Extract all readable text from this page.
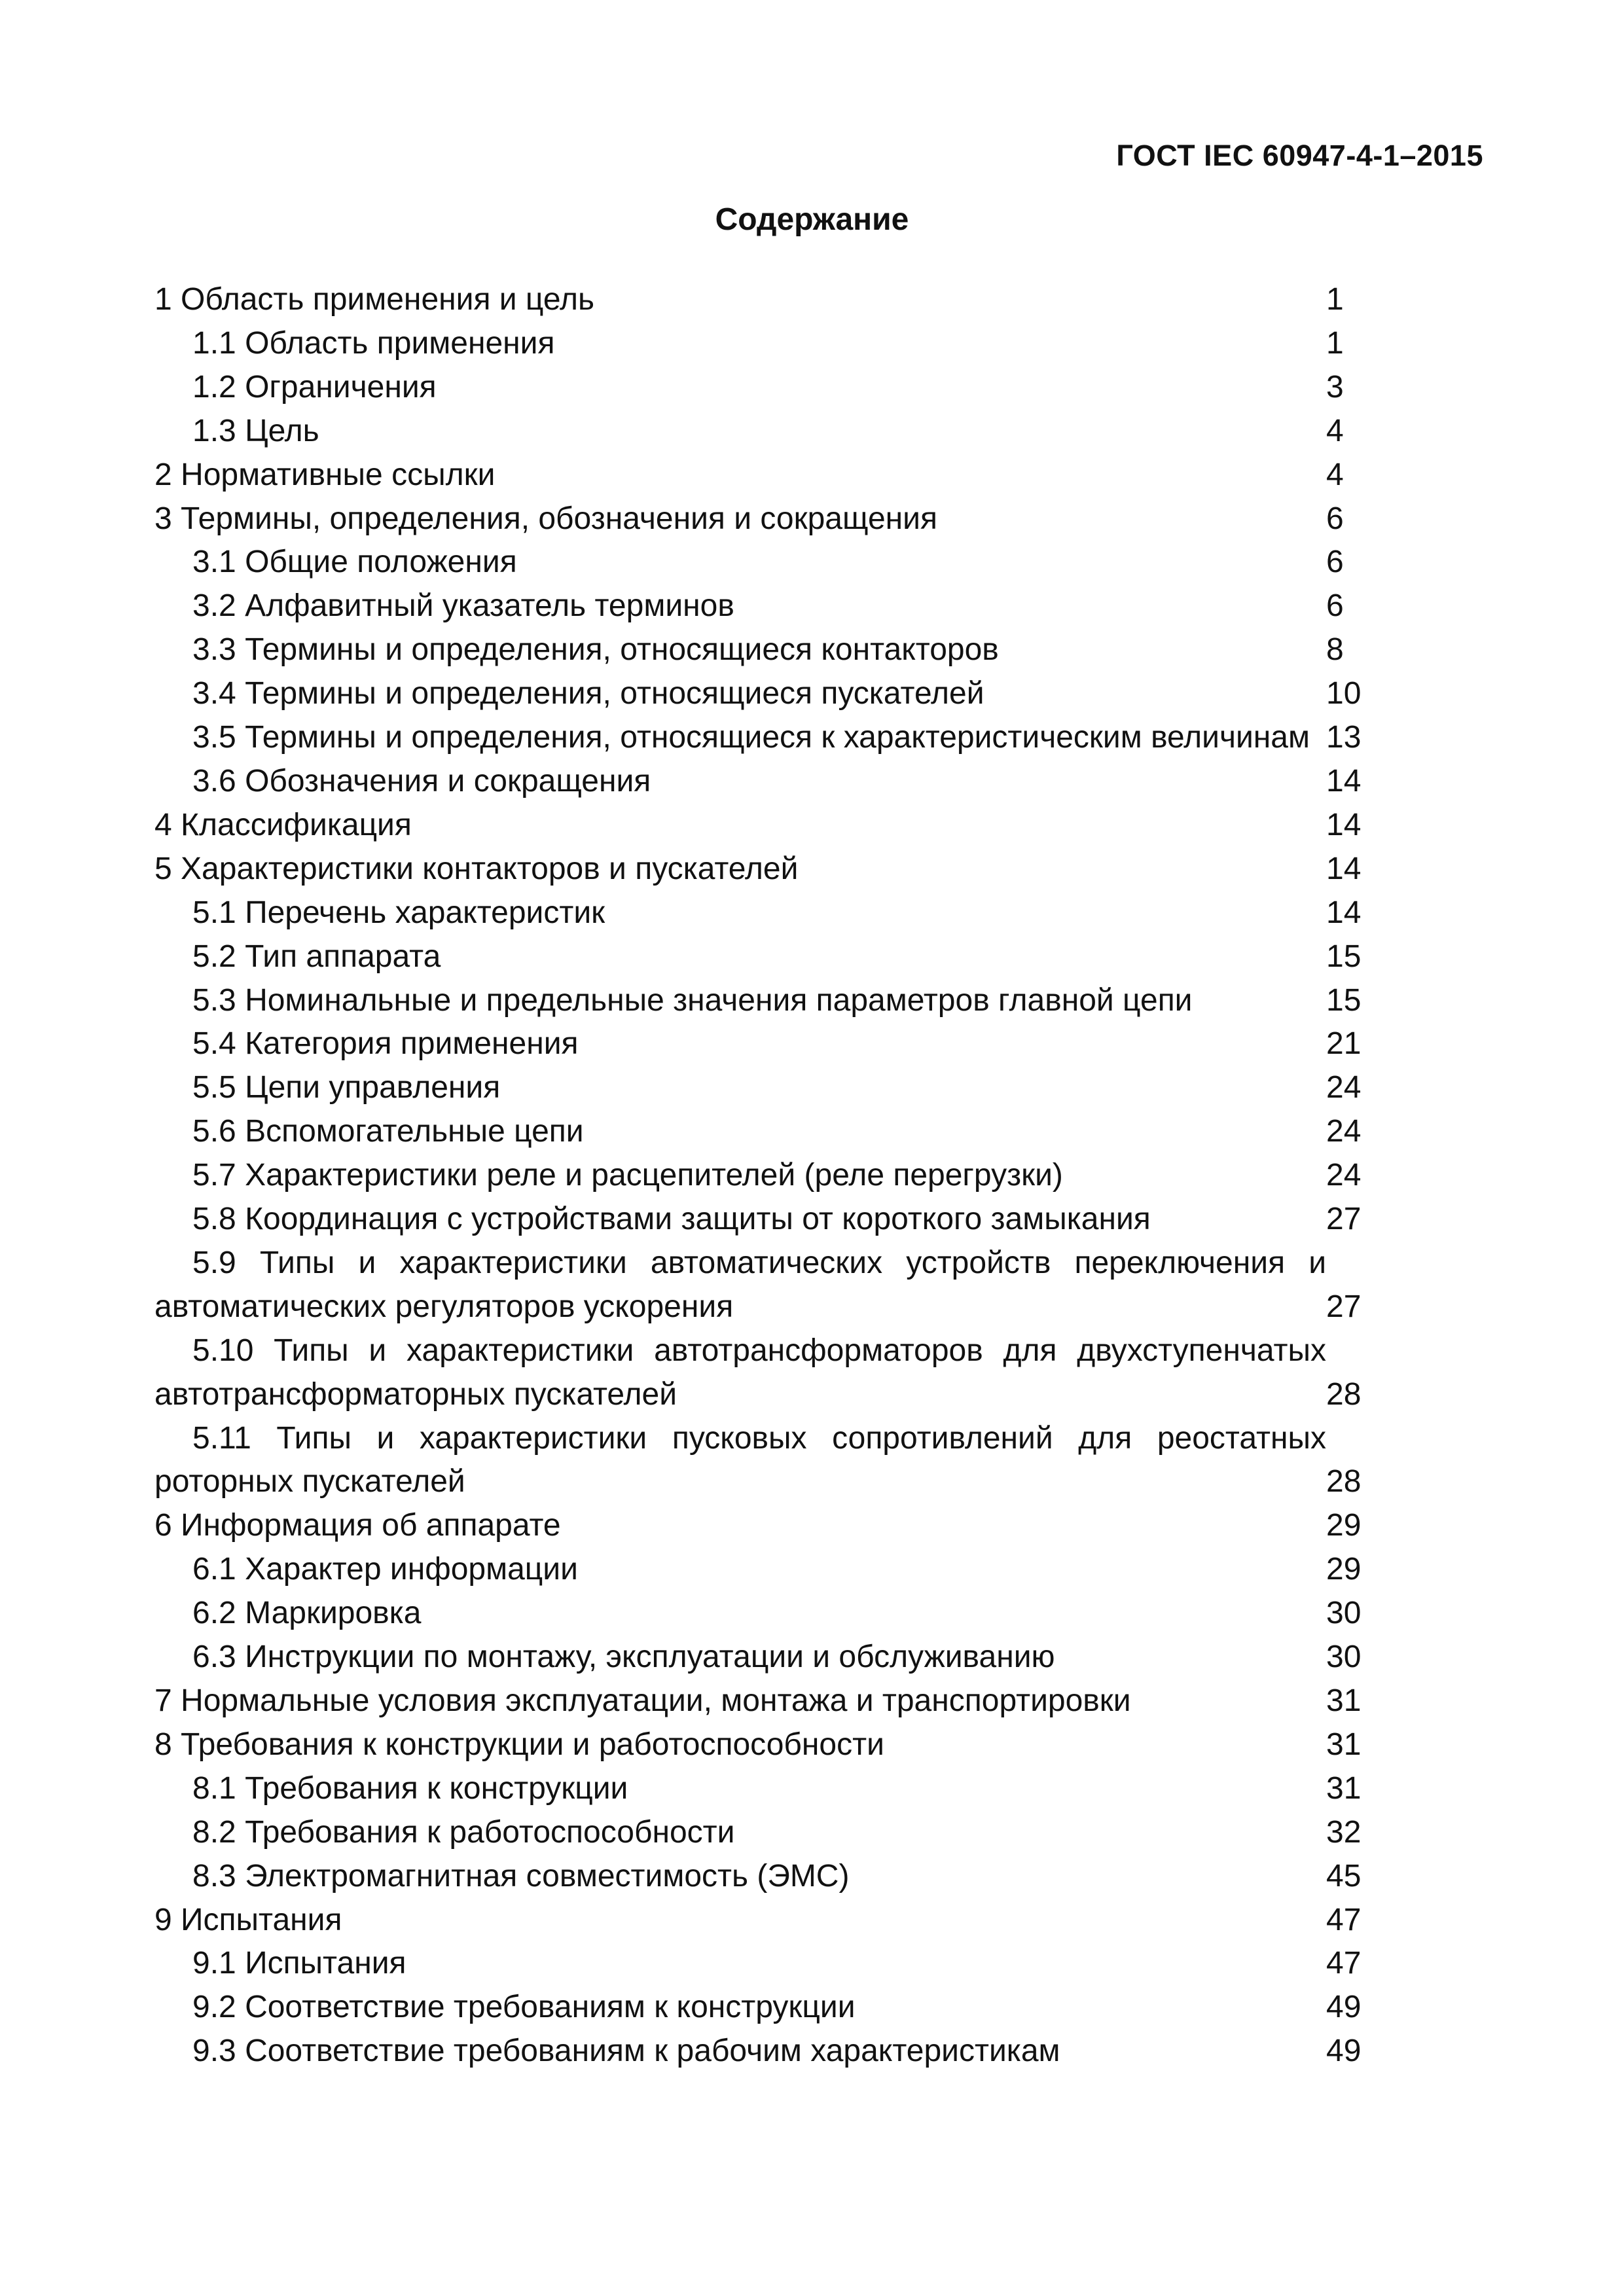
ГОСТ IEC 60947-4-1–2015
Содержание
1 Область применения и цель	1
1.1 Область применения	1
1.2 Ограничения	3
1.3 Цель	4
2 Нормативные ссылки	4
3 Термины, определения, обозначения и сокращения	6
3.1 Общие положения	6
3.2 Алфавитный указатель терминов	6
3.3 Термины и определения, относящиеся контакторов	8
3.4 Термины и определения, относящиеся пускателей	10
3.5 Термины и определения, относящиеся к характеристическим величинам 13
3.6 Обозначения и сокращения	14
4 Классификация	14
5 Характеристики контакторов и пускателей	14
5.1 Перечень характеристик	14
5.2 Тип аппарата	15
5.3 Номинальные и предельные значения параметров главной цепи	15
5.4 Категория применения	21
5.5 Цепи управления	24
5.6 Вспомогательные цепи	24
5.7 Характеристики реле и расцепителей (реле перегрузки)	24
5.8 Координация с устройствами защиты от короткого замыкания	27
5.9 Типы и характеристики автоматических устройств переключения и автоматических регуляторов ускорения	27
5.10 Типы и характеристики автотрансформаторов для двухступенчатых автотрансформаторных пускателей	28
5.11 Типы и характеристики пусковых сопротивлений для реостатных роторных пускателей	28
6 Информация об аппарате	29
6.1 Характер информации	29
6.2 Маркировка	30
6.3 Инструкции по монтажу, эксплуатации и обслуживанию	30
7 Нормальные условия эксплуатации, монтажа и транспортировки	31
8 Требования к конструкции и работоспособности	31
8.1 Требования к конструкции	31
8.2 Требования к работоспособности	32
8.3 Электромагнитная совместимость (ЭМС)	45
9 Испытания	47
9.1 Испытания	47
9.2 Соответствие требованиям к конструкции	49
9.3 Соответствие требованиям к рабочим характеристикам	49
